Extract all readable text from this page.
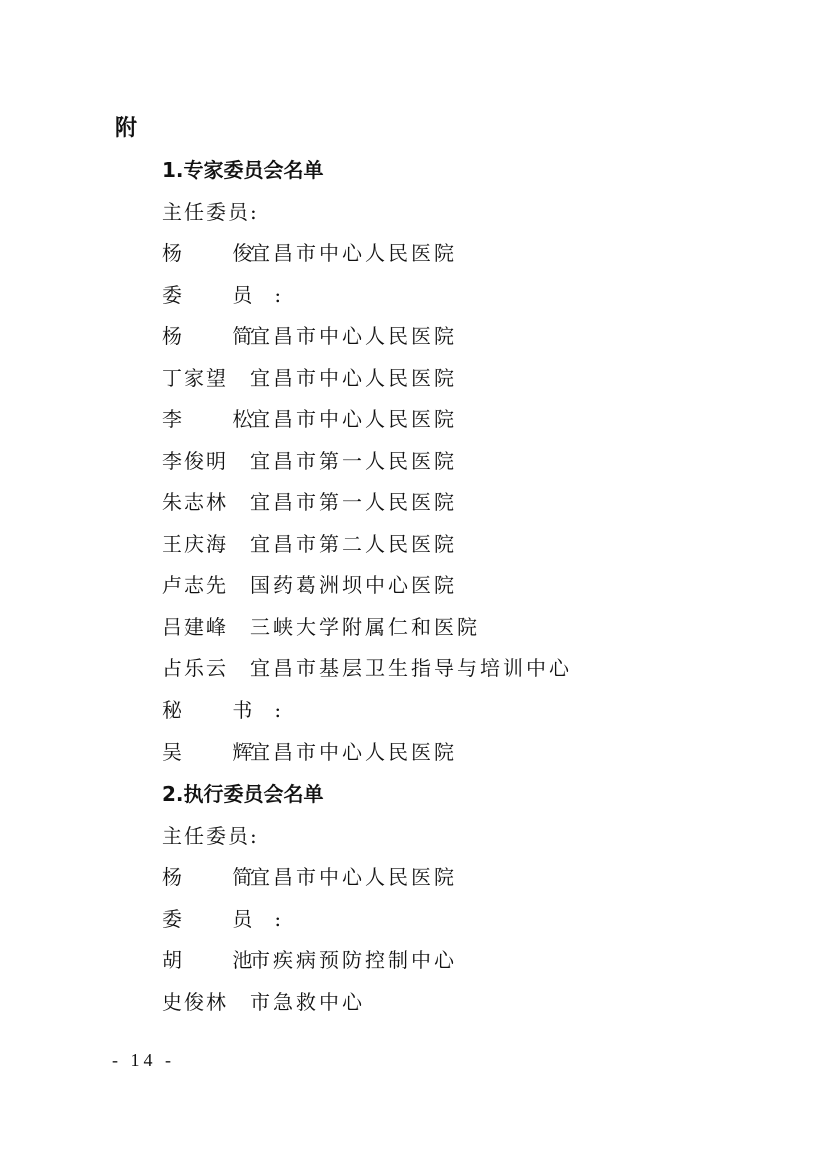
附
1.专家委员会名单
主任委员:
杨 俊宜昌市中心人民医院
委 员:
杨 简宜昌市中心人民医院
丁家望 宜昌市中心人民医院
李 松宜昌市中心人民医院
李俊明 宜昌市第一人民医院
朱志林 宜昌市第一人民医院
王庆海 宜昌市第二人民医院
卢志先 国药葛洲坝中心医院
吕建峰 三峡大学附属仁和医院
占乐云 宜昌市基层卫生指导与培训中心
秘 书:
吴 辉宜昌市中心人民医院
2.执行委员会名单
主任委员:
杨 简宜昌市中心人民医院
委 员:
胡 池市疾病预防控制中心
史俊林 市急救中心
- 14 -
